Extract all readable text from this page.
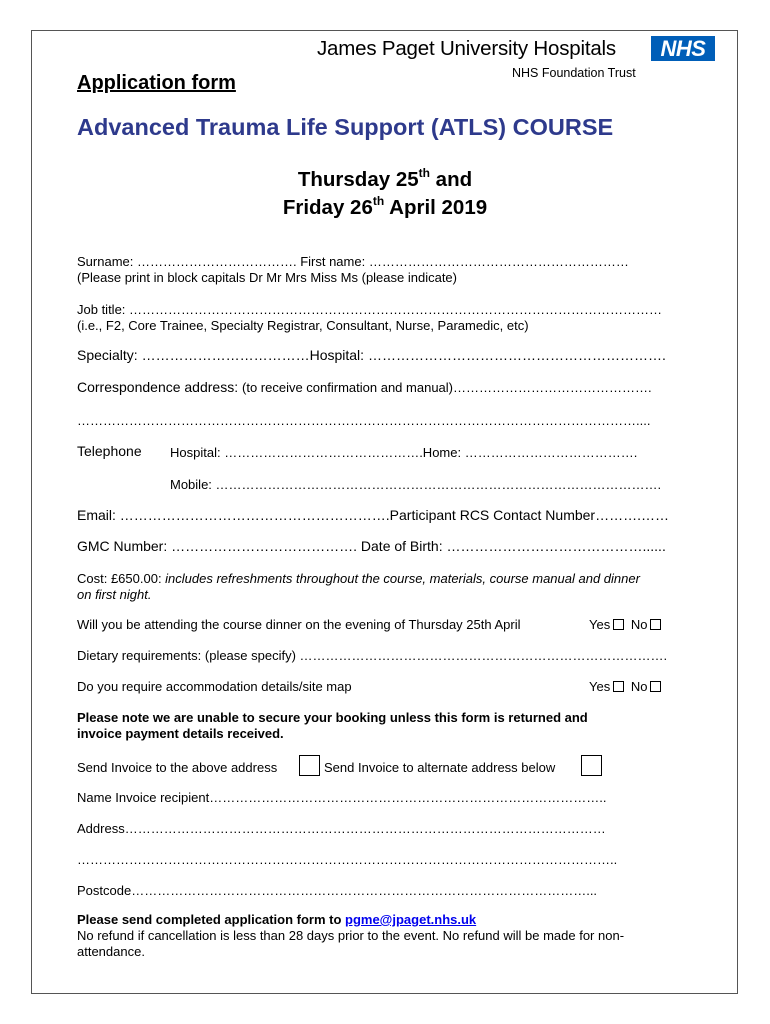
James Paget University Hospitals	NHS
NHS Foundation Trust
Application form
Advanced Trauma Life Support (ATLS) COURSE
Thursday 25th and
Friday 26th April 2019
Surname: ………………………………. First name: ……………………………………………………
(Please print in block capitals Dr Mr Mrs Miss Ms (please indicate)
Job title: ……………………………………………………………………………………………………………
(i.e., F2, Core Trainee, Specialty Registrar, Consultant, Nurse, Paramedic, etc)
Specialty: ………………………………Hospital: ……………………………………………………….
Correspondence address: (to receive confirmation and manual)……………………………………….
…………………………………………………………………………………………………………………....
Telephone Hospital: ……………………………………….Home: ………………………………….
Mobile: ………………………………………………………………………………………….
Email: ………………………………………………….Participant RCS Contact Number……….……
GMC Number: …………………………………. Date of Birth: ……………………………………......
Cost: £650.00: includes refreshments throughout the course, materials, course manual and dinner
on first night.
Will you be attending the course dinner on the evening of Thursday 25th April	Yes No
Dietary requirements: (please specify) ………………………………………………………………………….
Do you require accommodation details/site map	Yes No
Please note we are unable to secure your booking unless this form is returned and
invoice payment details received.
Send Invoice to the above address	Send Invoice to alternate address below
Name Invoice recipient………………………………………………………………………………..
Address…………………………………………………………………………………………………
……………………………………………………………………………………………………………..
Postcode……………………………………………………………………………………………...
Please send completed application form to pgme@jpaget.nhs.uk
No refund if cancellation is less than 28 days prior to the event. No refund will be made for non-
attendance.
